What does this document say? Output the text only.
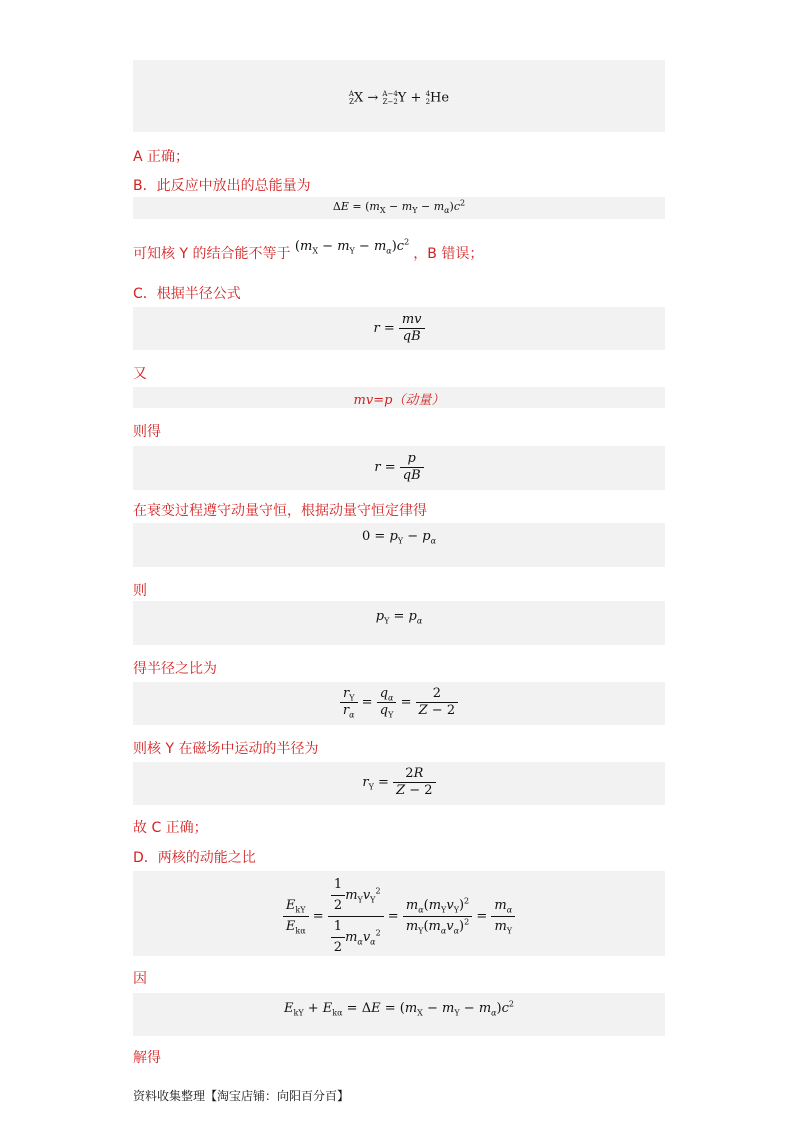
A
ZX → A−4
Z−2Y + 4
2He
A 正确；
B．此反应中放出的总能量为
$\Delta E = (m_X - m_Y - m_\alpha)c^2$
可知核 Y 的结合能不等于 $(m_X - m_Y - m_\alpha)c^2$ ，B 错误；
C．根据半径公式
$r = \frac{mv}{qB}$
又
mv=p（动量）
则得
$r = \frac{p}{qB}$
在衰变过程遵守动量守恒，根据动量守恒定律得
$0 = p_Y - p_\alpha$
则
$p_Y = p_\alpha$
得半径之比为
$\frac{r_Y}{r_\alpha} = \frac{q_\alpha}{q_Y} = \frac{2}{Z - 2}$
则核 Y 在磁场中运动的半径为
$r_Y = \frac{2R}{Z - 2}$
故 C 正确；
D．两核的动能之比
$\frac{E_{kY}}{E_{k\alpha}} = \frac{\frac{1}{2} m_Yv_Y^2}{\frac{1}{2} m_\alpha v_\alpha^2} = \frac{m_\alpha(m_Yv_Y)^2}{m_Y(m_\alpha v_\alpha)^2} = \frac{m_\alpha}{m_Y}$
因
$E_{kY} + E_{k\alpha} = \Delta E = (m_X - m_Y - m_\alpha)c^2$
解得
资料收集整理【淘宝店铺：向阳百分百】
